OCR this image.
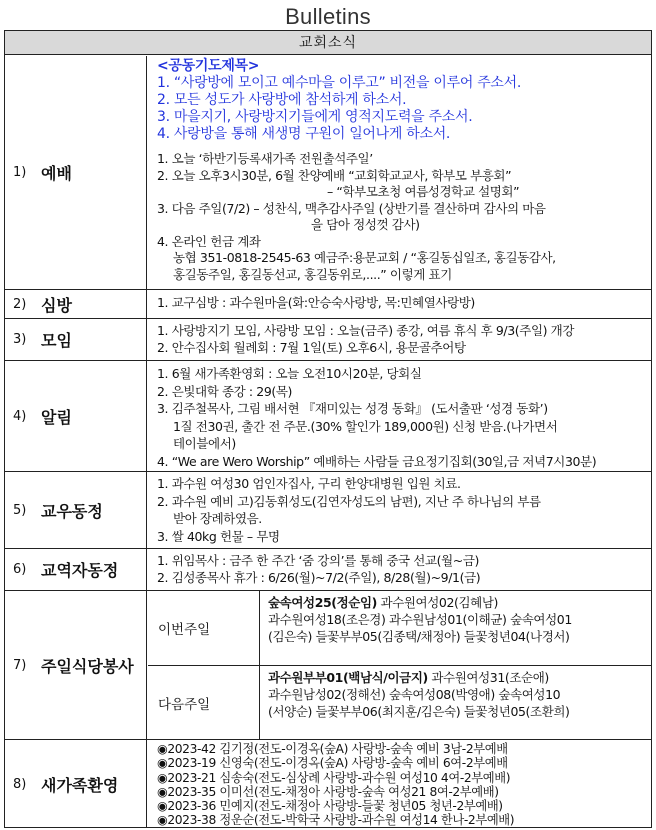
Bulletins
교회소식
1) 예배
<공동기도제목>
1. “사랑방에 모이고 예수마을 이루고” 비전을 이루어 주소서.
2. 모든 성도가 사랑방에 참석하게 하소서.
3. 마을지기, 사랑방지기들에게 영적지도력을 주소서.
4. 사랑방을 통해 새생명 구원이 일어나게 하소서.
1. 오늘 ‘하반기등록새가족 전원출석주일’
2. 오늘 오후3시30분, 6월 찬양예배 “교회학교교사, 학부모 부흥회”
– “학부모초청 여름성경학교 설명회”
3. 다음 주일(7/2) – 성찬식, 맥추감사주일 (상반기를 결산하며 감사의 마음
을 담아 정성껏 감사)
4. 온라인 헌금 계좌
농협 351-0818-2545-63 예금주:용문교회 / “홍길동십일조, 홍길동감사,
홍길동주일, 홍길동선교, 홍길동위로,....” 이렇게 표기
2) 심방	1. 교구심방 : 과수원마을(화:안승숙사랑방, 목:민혜열사랑방)
3) 모임
1. 사랑방지기 모임, 사랑방 모임 : 오늘(금주) 종강, 여름 휴식 후 9/3(주일) 개강
2. 안수집사회 월례회 : 7월 1일(토) 오후6시, 용문골추어탕
4) 알림
1. 6월 새가족환영회 : 오늘 오전10시20분, 당회실
2. 은빛대학 종강 : 29(목)
3. 김주철목사, 그림 배서현 『재미있는 성경 동화』 (도서출판 ‘성경 동화’)
1질 전30권, 출간 전 주문.(30% 할인가 189,000원) 신청 받음.(나가면서
테이블에서)
4. “We are Wero Worship” 예배하는 사람들 금요정기집회(30일,금 저녁7시30분)
5) 교우동정
1. 과수원 여성30 엄인자집사, 구리 한양대병원 입원 치료.
2. 과수원 예비 고)김동휘성도(김연자성도의 남편), 지난 주 하나님의 부름
받아 장례하였음.
3. 쌀 40kg 헌물 – 무명
6) 교역자동정
1. 위임목사 : 금주 한 주간 ‘줌 강의’를 통해 중국 선교(월~금)
2. 김성종목사 휴가 : 6/26(월)~7/2(주일), 8/28(월)~9/1(금)
7) 주일식당봉사
이번주일
숲속여성25(정순임) 과수원여성02(김혜남)
과수원여성18(조은경) 과수원남성01(이해균) 숲속여성01
(김은숙) 들꽃부부05(김종택/채정아) 들꽃청년04(나경서)
다음주일
과수원부부01(백남식/이금지) 과수원여성31(조순애)
과수원남성02(정해선) 숲속여성08(박영애) 숲속여성10
(서양순) 들꽃부부06(최지훈/김은숙) 들꽃청년05(조환희)
8) 새가족환영
◉2023-42 김기정(전도-이경옥(숲A) 사랑방-숲속 예비 3남-2부예배
◉2023-19 신영숙(전도-이경옥(숲A) 사랑방-숲속 예비 6여-2부예배
◉2023-21 심송숙(전도-심상례 사랑방-과수원 여성10 4여-2부예배)
◉2023-35 이미선(전도-채정아 사랑방-숲속 여성21 8여-2부예배)
◉2023-36 민예지(전도-채정아 사랑방-들꽃 청년05 청년-2부예배)
◉2023-38 정운순(전도-박학국 사랑방-과수원 여성14 한나-2부예배)
